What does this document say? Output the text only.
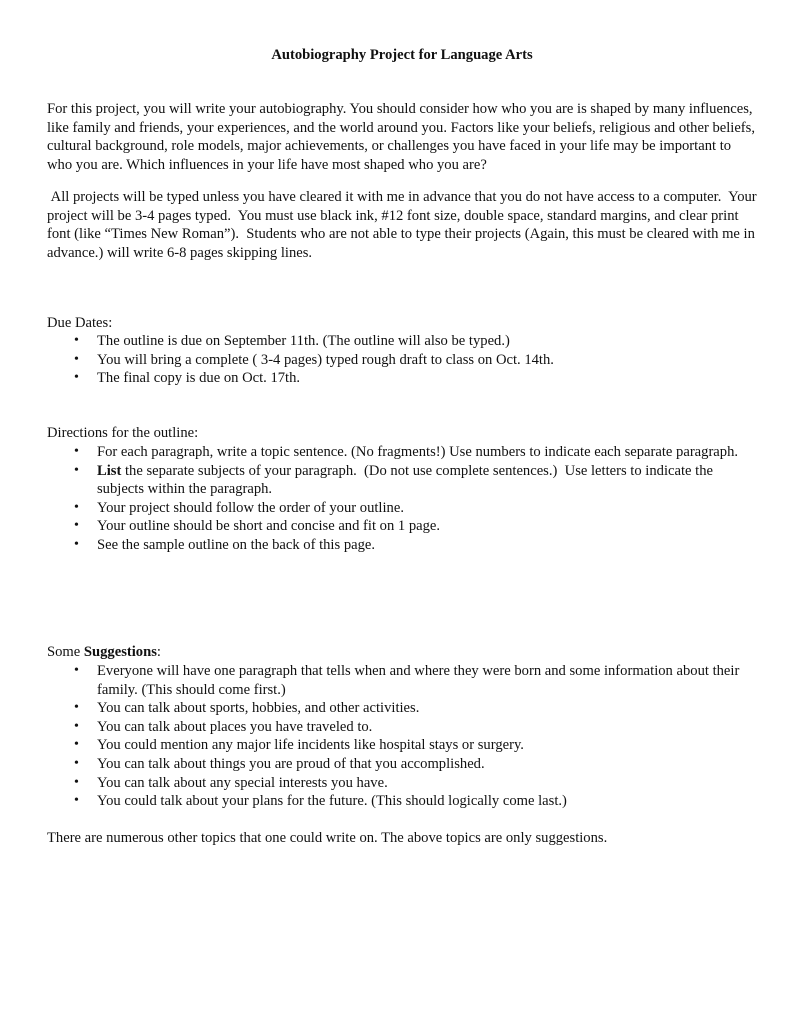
Autobiography Project for Language Arts

For this project, you will write your autobiography. You should consider how who you are is shaped by many influences, like family and friends, your experiences, and the world around you. Factors like your beliefs, religious and other beliefs, cultural background, role models, major achievements, or challenges you have faced in your life may be important to who you are. Which influences in your life have most shaped who you are?

All projects will be typed unless you have cleared it with me in advance that you do not have access to a computer.  Your project will be 3-4 pages typed.  You must use black ink, #12 font size, double space, standard margins, and clear print font (like “Times New Roman”).  Students who are not able to type their projects (Again, this must be cleared with me in advance.) will write 6-8 pages skipping lines.

Due Dates:

• The outline is due on September 11th. (The outline will also be typed.)
• You will bring a complete ( 3-4 pages) typed rough draft to class on Oct. 14th.
• The final copy is due on Oct. 17th.

Directions for the outline:

• For each paragraph, write a topic sentence. (No fragments!) Use numbers to indicate each separate paragraph.
• List the separate subjects of your paragraph.  (Do not use complete sentences.)  Use letters to indicate the subjects within the paragraph.
• Your project should follow the order of your outline.
• Your outline should be short and concise and fit on 1 page.
• See the sample outline on the back of this page.

Some Suggestions:

• Everyone will have one paragraph that tells when and where they were born and some information about their family. (This should come first.)
• You can talk about sports, hobbies, and other activities.
• You can talk about places you have traveled to.
• You could mention any major life incidents like hospital stays or surgery.
• You can talk about things you are proud of that you accomplished.
• You can talk about any special interests you have.
• You could talk about your plans for the future. (This should logically come last.)

There are numerous other topics that one could write on. The above topics are only suggestions.
